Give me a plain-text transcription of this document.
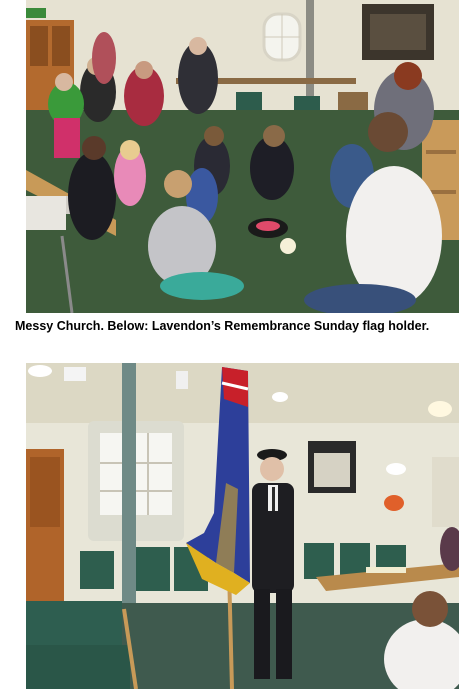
Messy Church. Below: Lavendon’s Remembrance Sunday flag holder.
